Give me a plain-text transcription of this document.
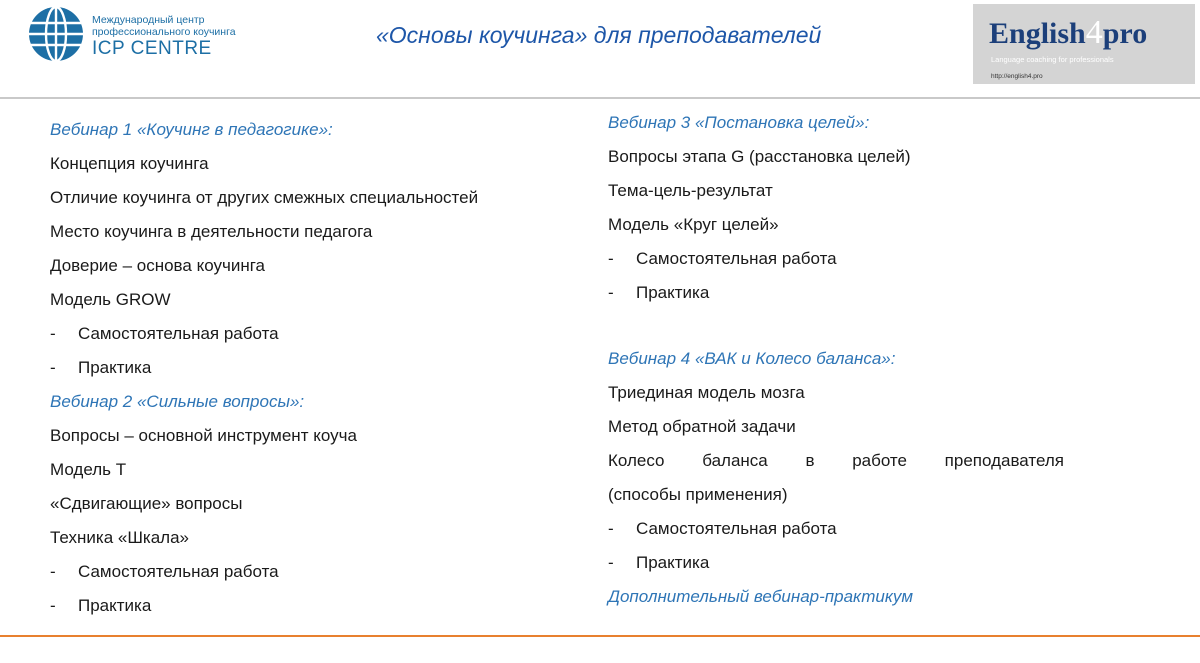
Международный центр
профессионального коучинга
ICP CENTRE
«Основы коучинга» для преподавателей	English4pro
Language coaching for professionals
http://english4.pro
Вебинар 1 «Коучинг в педагогике»:
Концепция коучинга
Отличие коучинга от других смежных специальностей
Место коучинга в деятельности педагога
Доверие – основа коучинга
Модель GROW
- Самостоятельная работа
- Практика
Вебинар 2 «Сильные вопросы»:
Вопросы – основной инструмент коуча
Модель T
«Сдвигающие» вопросы
Техника «Шкала»
- Самостоятельная работа
- Практика
Вебинар 3 «Постановка целей»:
Вопросы этапа G (расстановка целей)
Тема-цель-результат
Модель «Круг целей»
- Самостоятельная работа
- Практика
Вебинар 4 «ВАК и Колесо баланса»:
Триединая модель мозга
Метод обратной задачи
Колесо баланса в работе преподавателя
(способы применения)
- Самостоятельная работа
- Практика
Дополнительный вебинар-практикум
